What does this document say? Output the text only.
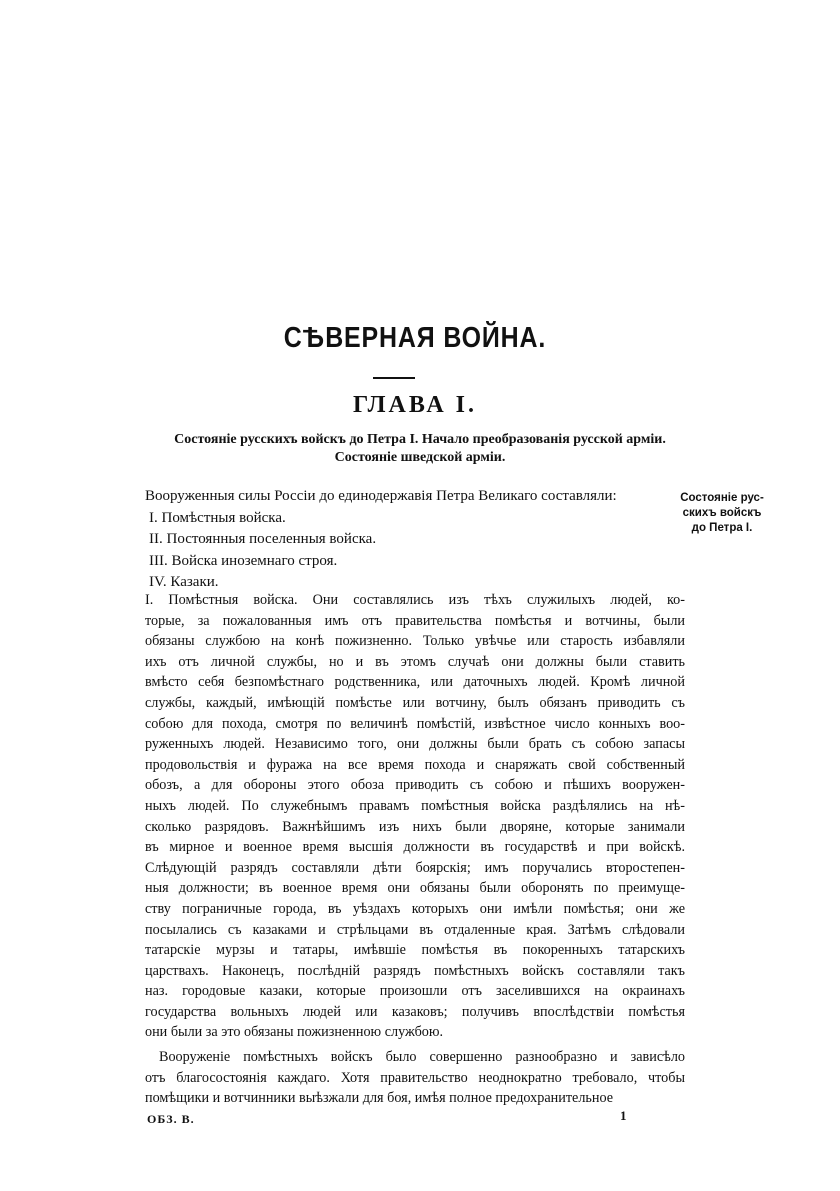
СѢВЕРНАЯ ВОЙНА.
ГЛАВА I.
Состояніе русскихъ войскъ до Петра I. Начало преобразованія русской арміи.
Состояніе шведской арміи.
Состояніе рус-
скихъ войскъ
до Петра I.
Вооруженныя силы Россіи до единодержавія Петра Великаго составляли:
I. Помѣстныя войска.
II. Постоянныя поселенныя войска.
III. Войска иноземнаго строя.
IV. Казаки.
I. Помѣстныя войска. Они составлялись изъ тѣхъ служилыхъ людей, ко-
торые, за пожалованныя имъ отъ правительства помѣстья и вотчины, были
обязаны службою на конѣ пожизненно. Только увѣчье или старость избавляли
ихъ отъ личной службы, но и въ этомъ случаѣ они должны были ставить
вмѣсто себя безпомѣстнаго родственника, или даточныхъ людей. Кромѣ личной
службы, каждый, имѣющій помѣстье или вотчину, былъ обязанъ приводить съ
собою для похода, смотря по величинѣ помѣстій, извѣстное число конныхъ воо-
руженныхъ людей. Независимо того, они должны были брать съ собою запасы
продовольствія и фуража на все время похода и снаряжать свой собственный
обозъ, а для обороны этого обоза приводить съ собою и пѣшихъ вооружен-
ныхъ людей. По служебнымъ правамъ помѣстныя войска раздѣлялись на нѣ-
сколько разрядовъ. Важнѣйшимъ изъ нихъ были дворяне, которые занимали
въ мирное и военное время высшія должности въ государствѣ и при войскѣ.
Слѣдующій разрядъ составляли дѣти боярскія; имъ поручались второстепен-
ныя должности; въ военное время они обязаны были оборонять по преимуще-
ству пограничные города, въ уѣздахъ которыхъ они имѣли помѣстья; они же
посылались съ казаками и стрѣльцами въ отдаленные края. Затѣмъ слѣдовали
татарскіе мурзы и татары, имѣвшіе помѣстья въ покоренныхъ татарскихъ
царствахъ. Наконецъ, послѣдній разрядъ помѣстныхъ войскъ составляли такъ
наз. городовые казаки, которые произошли отъ заселившихся на окраинахъ
государства вольныхъ людей или казаковъ; получивъ впослѣдствіи помѣстья
они были за это обязаны пожизненною службою.
Вооруженіе помѣстныхъ войскъ было совершенно разнообразно и зависѣло
отъ благосостоянія каждаго. Хотя правительство неоднократно требовало, чтобы
помѣщики и вотчинники выѣзжали для боя, имѣя полное предохранительное
ОБЗ. В.	1
